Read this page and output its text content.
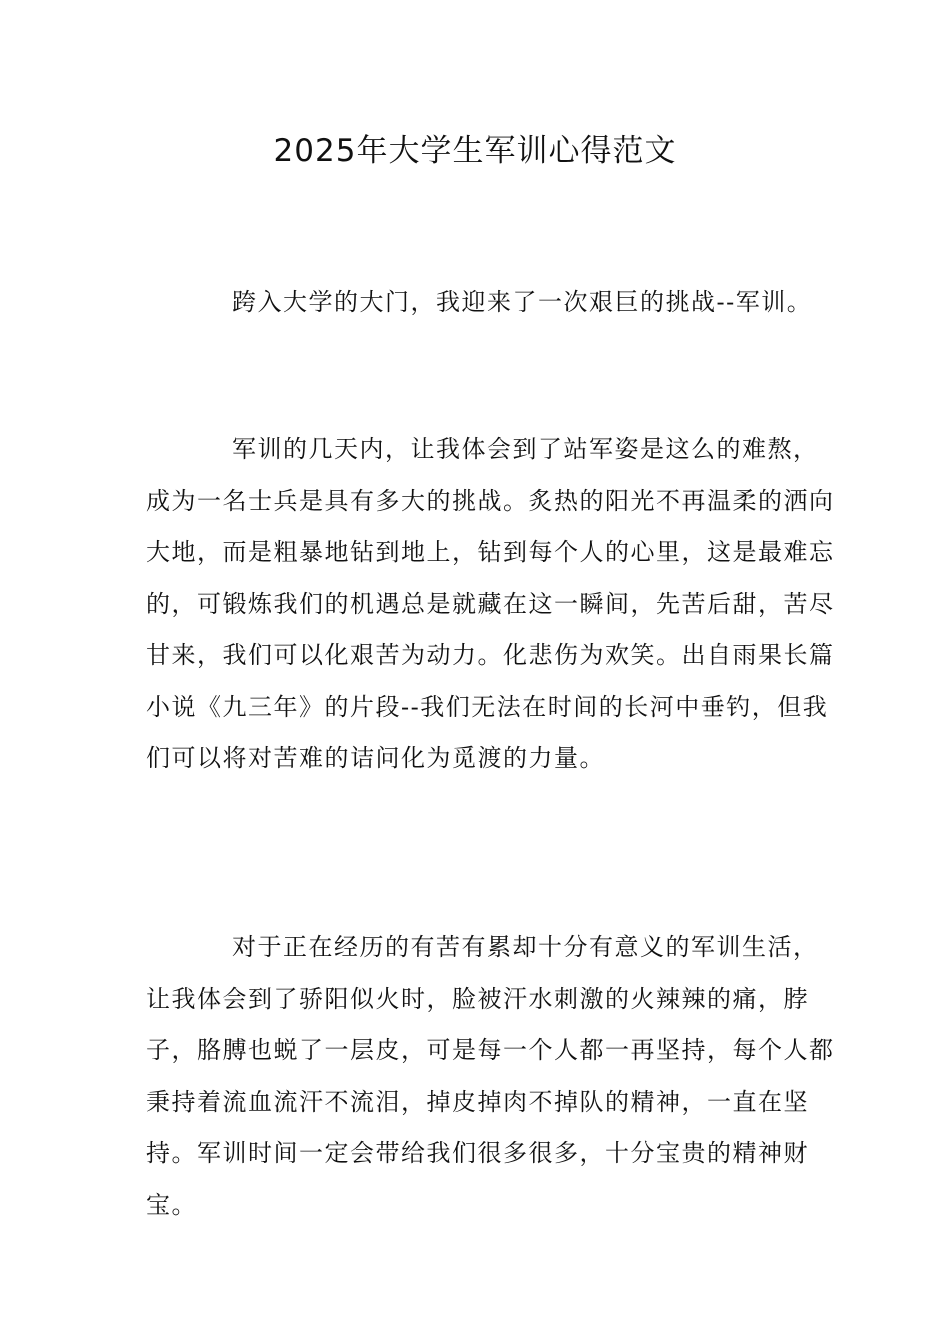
2025年大学生军训心得范文

跨入大学的大门，我迎来了一次艰巨的挑战--军训。

军训的几天内，让我体会到了站军姿是这么的难熬，成为一名士兵是具有多大的挑战。炙热的阳光不再温柔的洒向大地，而是粗暴地钻到地上，钻到每个人的心里，这是最难忘的，可锻炼我们的机遇总是就藏在这一瞬间，先苦后甜，苦尽甘来，我们可以化艰苦为动力。化悲伤为欢笑。出自雨果长篇小说《九三年》的片段--我们无法在时间的长河中垂钓，但我们可以将对苦难的诘问化为觅渡的力量。

对于正在经历的有苦有累却十分有意义的军训生活，让我体会到了骄阳似火时，脸被汗水刺激的火辣辣的痛，脖子，胳膊也蜕了一层皮，可是每一个人都一再坚持，每个人都秉持着流血流汗不流泪，掉皮掉肉不掉队的精神，一直在坚持。军训时间一定会带给我们很多很多，十分宝贵的精神财宝。
